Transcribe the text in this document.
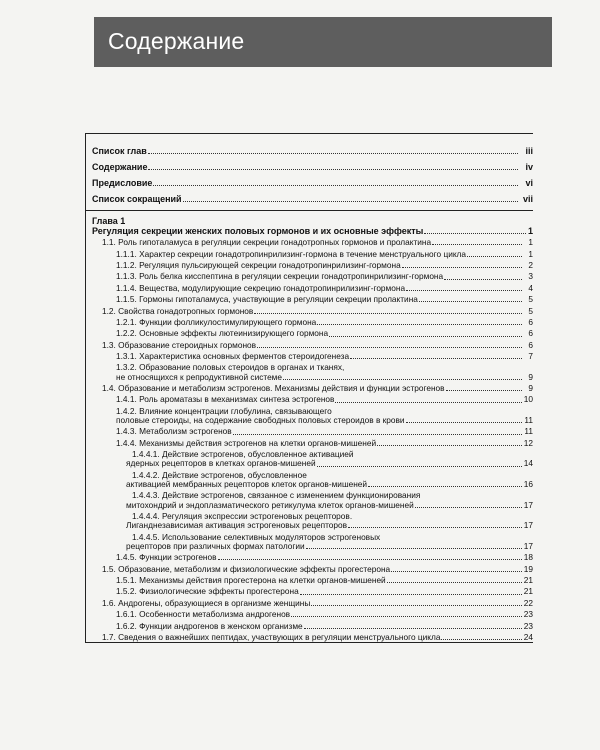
Содержание
Список глав	iii
Содержание	iv
Предисловие	vi
Список сокращений	vii
Глава 1
Регуляция секреции женских половых гормонов и их основные эффекты	1
1.1. Роль гипоталамуса в регуляции секреции гонадотропных гормонов и пролактина	1
1.1.1. Характер секреции гонадотропинрилизинг-гормона в течение менструального цикла	1
1.1.2. Регуляция пульсирующей секреции гонадотропинрилизинг-гормона	2
1.1.3. Роль белка кисспептина в регуляции секреции гонадотропинрилизинг-гормона	3
1.1.4. Вещества, модулирующие секрецию гонадотропинрилизинг-гормона	4
1.1.5. Гормоны гипоталамуса, участвующие в регуляции секреции пролактина	5
1.2. Свойства гонадотропных гормонов	5
1.2.1. Функции фолликулостимулирующего гормона	6
1.2.2. Основные эффекты лютеинизирующего гормона	6
1.3. Образование стероидных гормонов	6
1.3.1. Характеристика основных ферментов стероидогенеза	7
1.3.2. Образование половых стероидов в органах и тканях,
не относящихся к репродуктивной системе	9
1.4. Образование и метаболизм эстрогенов. Механизмы действия и функции эстрогенов	9
1.4.1. Роль ароматазы в механизмах синтеза эстрогенов	10
1.4.2. Влияние концентрации глобулина, связывающего
половые стероиды, на содержание свободных половых стероидов в крови	11
1.4.3. Метаболизм эстрогенов	11
1.4.4. Механизмы действия эстрогенов на клетки органов-мишеней	12
1.4.4.1. Действие эстрогенов, обусловленное активацией
ядерных рецепторов в клетках органов-мишеней	14
1.4.4.2. Действие эстрогенов, обусловленное
активацией мембранных рецепторов клеток органов-мишеней	16
1.4.4.3. Действие эстрогенов, связанное с изменением функционирования
митохондрий и эндоплазматического ретикулума клеток органов-мишеней	17
1.4.4.4. Регуляция экспрессии эстрогеновых рецепторов.
Лиганднезависимая активация эстрогеновых рецепторов	17
1.4.4.5. Использование селективных модуляторов эстрогеновых
рецепторов при различных формах патологии	17
1.4.5. Функции эстрогенов	18
1.5. Образование, метаболизм и физиологические эффекты прогестерона	19
1.5.1. Механизмы действия прогестерона на клетки органов-мишеней	21
1.5.2. Физиологические эффекты прогестерона	21
1.6. Андрогены, образующиеся в организме женщины	22
1.6.1. Особенности метаболизма андрогенов	23
1.6.2. Функции андрогенов в женском организме	23
1.7. Сведения о важнейших пептидах, участвующих в регуляции менструального цикла	24
